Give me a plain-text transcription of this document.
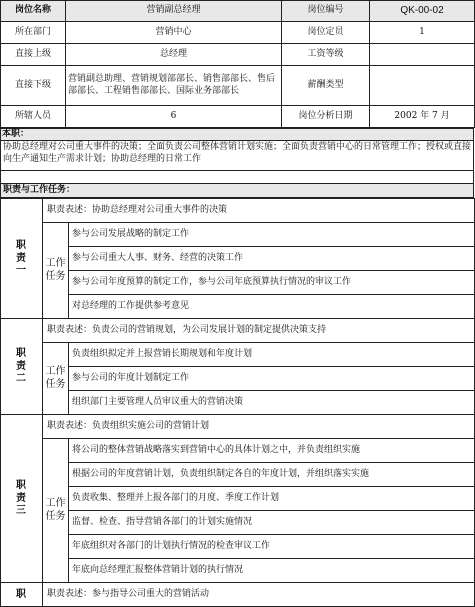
岗位名称	营销副总经理	岗位编号	QK-00-02
所在部门	营销中心	岗位定员	1
直接上级	总经理	工资等级	
直接下级	营销副总助理、营销规划部部长、销售部部长、售后部部长、工程销售部部长、国际业务部部长	薪酬类型	
所辖人员	6	岗位分析日期	2002 年 7 月
本职：
协助总经理对公司重大事件的决策；全面负责公司整体营销计划实施；全面负责营销中心的日常管理工作；授权或直接向生产通知生产需求计划；协助总经理的日常工作

职责与工作任务：
职
责
一	职责表述：协助总经理对公司重大事件的决策	
	工作
任务	参与公司发展战略的制定工作
		参与公司重大人事、财务、经营的决策工作
		参与公司年度预算的制定工作，参与公司年底预算执行情况的审议工作
		对总经理的工作提供参考意见
职
责
二	职责表述：负责公司的营销规划，为公司发展计划的制定提供决策支持	
	工作
任务	负责组织拟定并上报营销长期规划和年度计划
		参与公司的年度计划制定工作
		组织部门主要管理人员审议重大的营销决策
职
责
三	职责表述：负责组织实施公司的营销计划	
	工作
任务	将公司的整体营销战略落实到营销中心的具体计划之中，并负责组织实施
		根据公司的年度营销计划，负责组织制定各自的年度计划，并组织落实实施
		负责收集、整理并上报各部门的月度、季度工作计划
		监督、检查、指导营销各部门的计划实施情况
		年底组织对各部门的计划执行情况的检查审议工作
		年底向总经理汇报整体营销计划的执行情况
职	职责表述：参与指导公司重大的营销活动	
